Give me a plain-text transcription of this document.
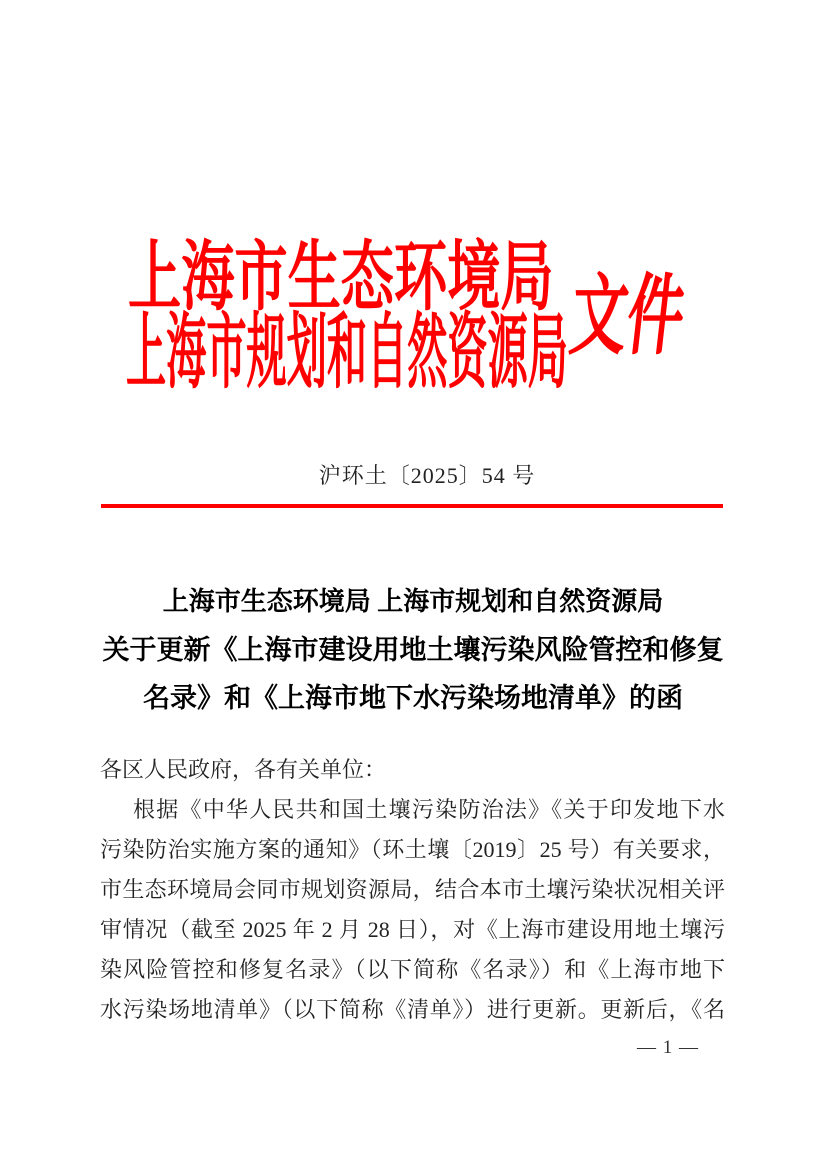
上海市生态环境局
上海市规划和自然资源局
文件
沪环土〔2025〕54 号
上海市生态环境局 上海市规划和自然资源局
关于更新《上海市建设用地土壤污染风险管控和修复
名录》和《上海市地下水污染场地清单》的函
各区人民政府，各有关单位：
根据《中华人民共和国土壤污染防治法》《关于印发地下水
污染防治实施方案的通知》（环土壤〔2019〕25 号）有关要求，
市生态环境局会同市规划资源局，结合本市土壤污染状况相关评
审情况（截至 2025 年 2 月 28 日），对《上海市建设用地土壤污
染风险管控和修复名录》（以下简称《名录》）和《上海市地下
水污染场地清单》（以下简称《清单》）进行更新。更新后，《名
— 1 —
